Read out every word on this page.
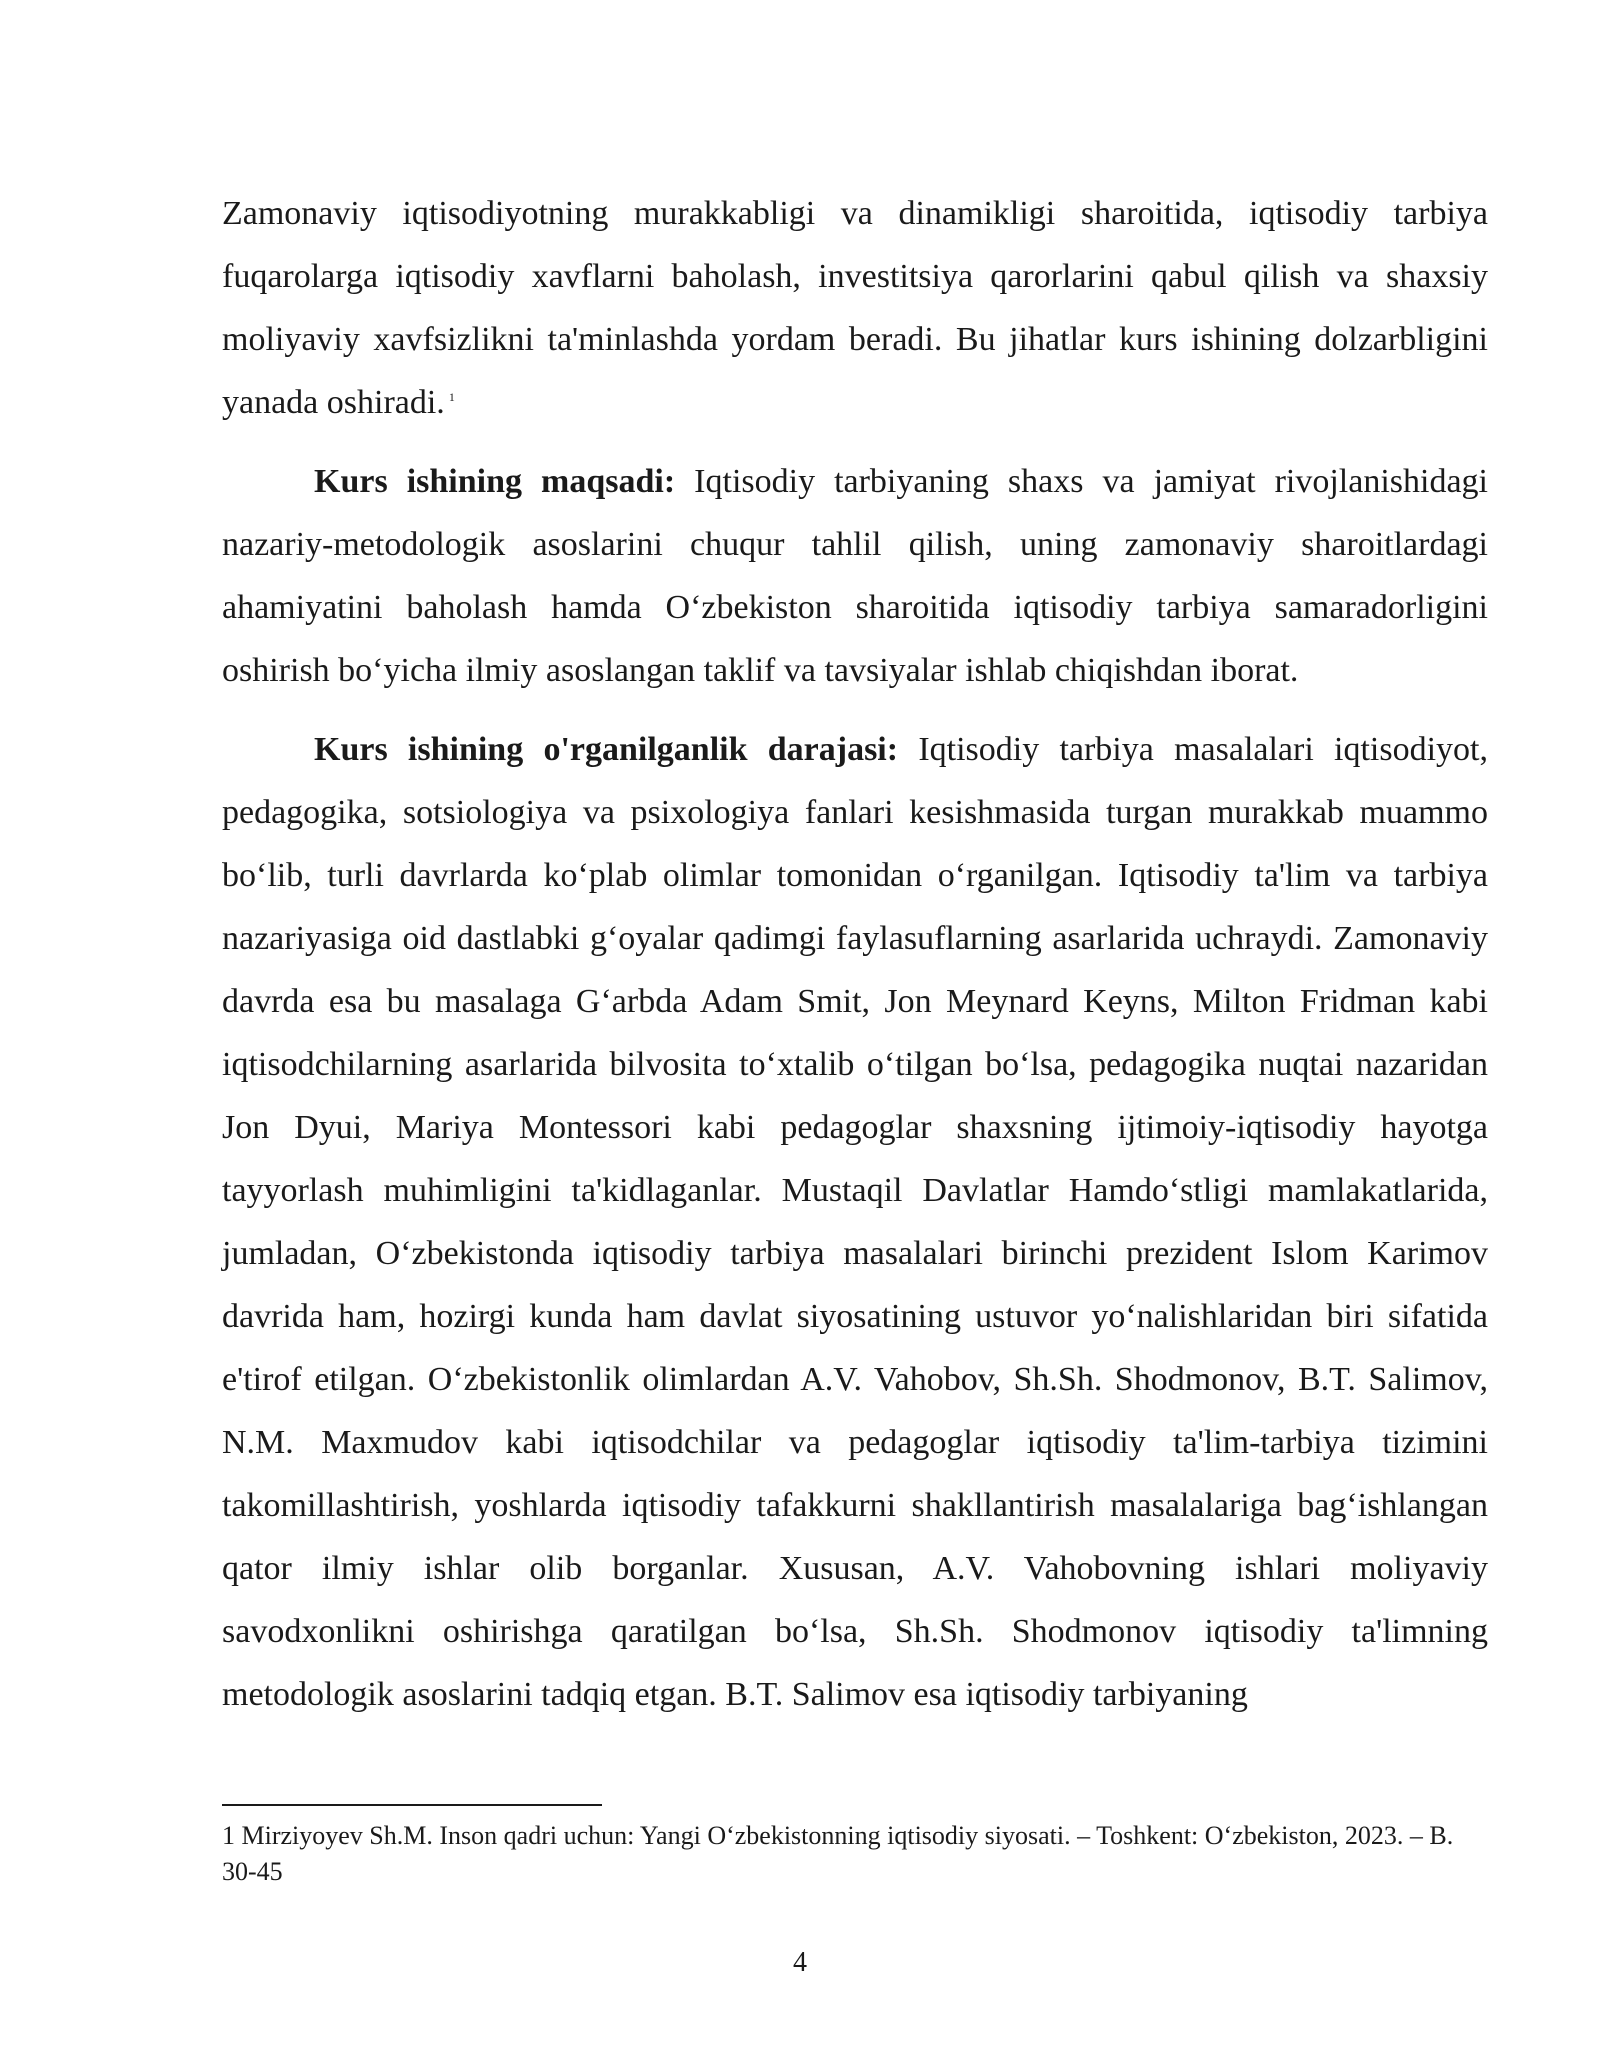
Zamonaviy iqtisodiyotning murakkabligi va dinamikligi sharoitida, iqtisodiy tarbiya fuqarolarga iqtisodiy xavflarni baholash, investitsiya qarorlarini qabul qilish va shaxsiy moliyaviy xavfsizlikni ta'minlashda yordam beradi. Bu jihatlar kurs ishining dolzarbligini yanada oshiradi. $^1$

Kurs ishining maqsadi: Iqtisodiy tarbiyaning shaxs va jamiyat rivojlanishidagi nazariy-metodologik asoslarini chuqur tahlil qilish, uning zamonaviy sharoitlardagi ahamiyatini baholash hamda O‘zbekiston sharoitida iqtisodiy tarbiya samaradorligini oshirish bo‘yicha ilmiy asoslangan taklif va tavsiyalar ishlab chiqishdan iborat.

Kurs ishining o'rganilganlik darajasi: Iqtisodiy tarbiya masalalari iqtisodiyot, pedagogika, sotsiologiya va psixologiya fanlari kesishmasida turgan murakkab muammo bo‘lib, turli davrlarda ko‘plab olimlar tomonidan o‘rganilgan. Iqtisodiy ta'lim va tarbiya nazariyasiga oid dastlabki g‘oyalar qadimgi faylasuflarning asarlarida uchraydi. Zamonaviy davrda esa bu masalaga G‘arbda Adam Smit, Jon Meynard Keyns, Milton Fridman kabi iqtisodchilarning asarlarida bilvosita to‘xtalib o‘tilgan bo‘lsa, pedagogika nuqtai nazaridan Jon Dyui, Mariya Montessori kabi pedagoglar shaxsning ijtimoiy-iqtisodiy hayotga tayyorlash muhimligini ta'kidlaganlar. Mustaqil Davlatlar Hamdo‘stligi mamlakatlarida, jumladan, O‘zbekistonda iqtisodiy tarbiya masalalari birinchi prezident Islom Karimov davrida ham, hozirgi kunda ham davlat siyosatining ustuvor yo‘nalishlaridan biri sifatida e'tirof etilgan. O‘zbekistonlik olimlardan A.V. Vahobov, Sh.Sh. Shodmonov, B.T. Salimov, N.M. Maxmudov kabi iqtisodchilar va pedagoglar iqtisodiy ta'lim-tarbiya tizimini takomillashtirish, yoshlarda iqtisodiy tafakkurni shakllantirish masalalariga bag‘ishlangan qator ilmiy ishlar olib borganlar. Xususan, A.V. Vahobovning ishlari moliyaviy savodxonlikni oshirishga qaratilgan bo‘lsa, Sh.Sh. Shodmonov iqtisodiy ta'limning metodologik asoslarini tadqiq etgan. B.T. Salimov esa iqtisodiy tarbiyaning

1 Mirziyoyev Sh.M. Inson qadri uchun: Yangi O‘zbekistonning iqtisodiy siyosati. – Toshkent: O‘zbekiston, 2023. – B. 30-45

4
